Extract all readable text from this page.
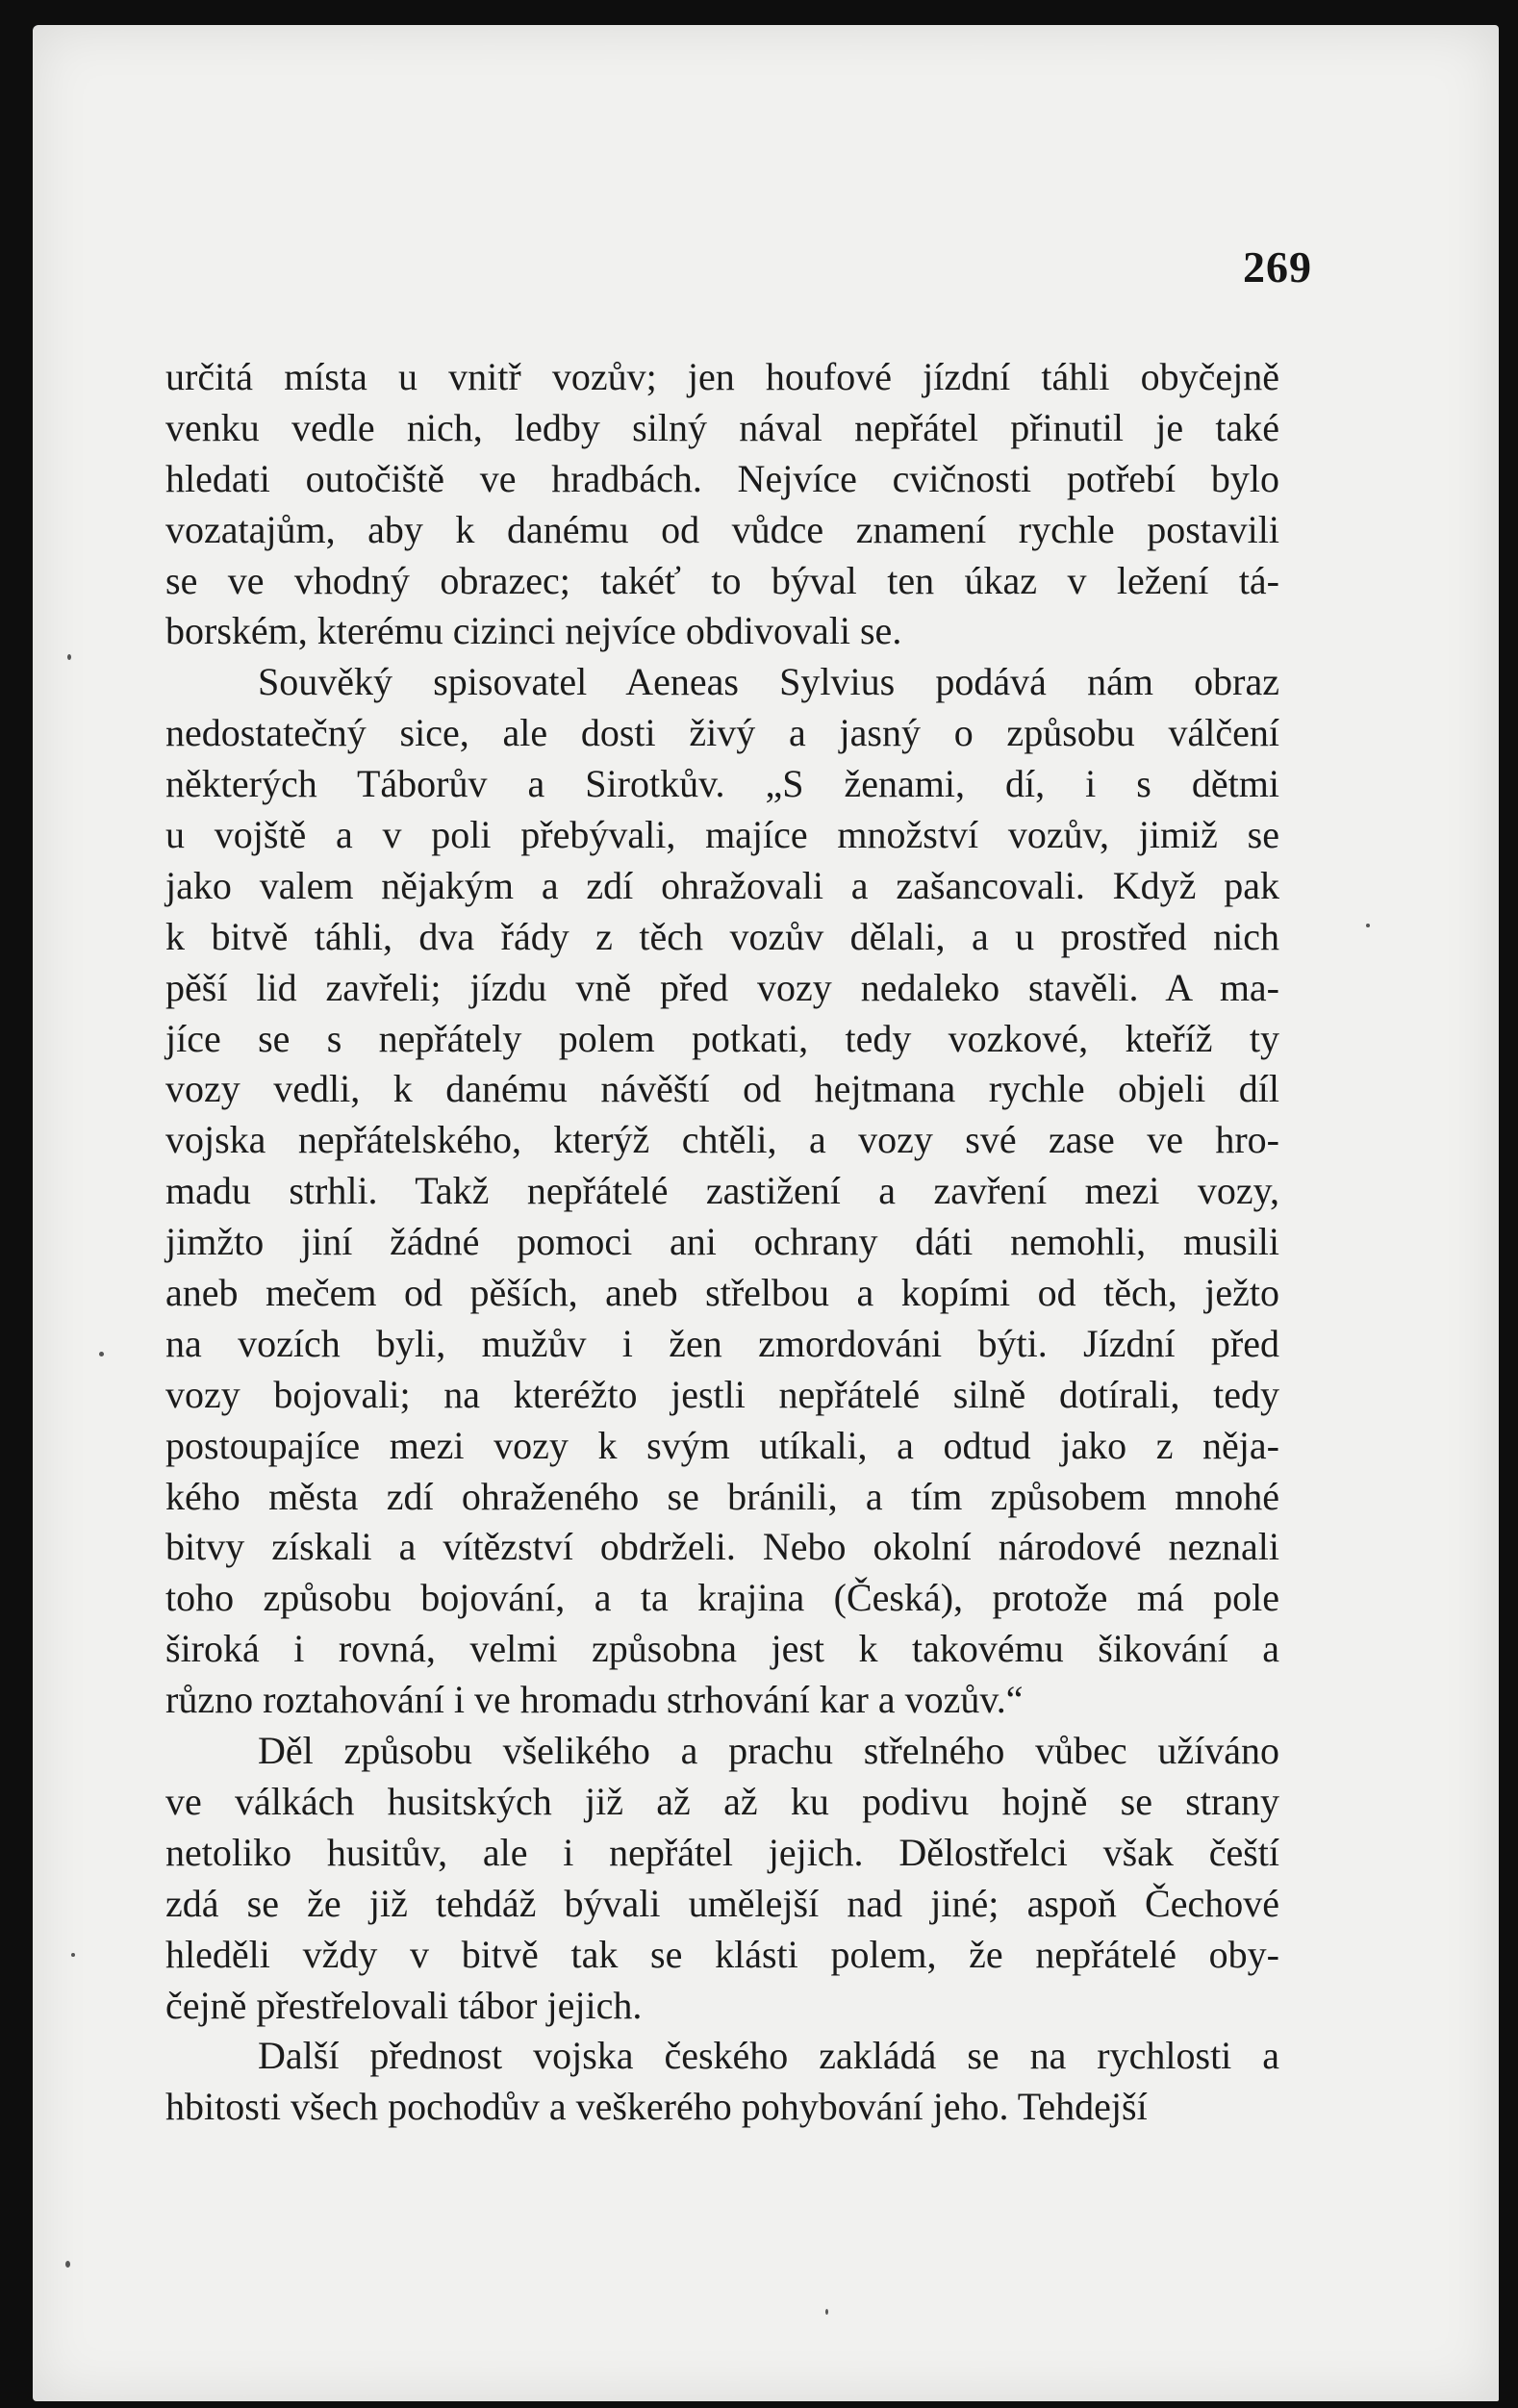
269
určitá místa u vnitř vozův; jen houfové jízdní táhli obyčejně
venku vedle nich, ledby silný nával nepřátel přinutil je také
hledati outočiště ve hradbách. Nejvíce cvičnosti potřebí bylo
vozatajům, aby k danému od vůdce znamení rychle postavili
se ve vhodný obrazec; takéť to býval ten úkaz v ležení tá-
borském, kterému cizinci nejvíce obdivovali se.
Souvěký spisovatel Aeneas Sylvius podává nám obraz
nedostatečný sice, ale dosti živý a jasný o způsobu válčení
některých Táborův a Sirotkův. „S ženami, dí, i s dětmi
u vojště a v poli přebývali, majíce množství vozův, jimiž se
jako valem nějakým a zdí ohražovali a zašancovali. Když pak
k bitvě táhli, dva řády z těch vozův dělali, a u prostřed nich
pěší lid zavřeli; jízdu vně před vozy nedaleko stavěli. A ma-
jíce se s nepřátely polem potkati, tedy vozkové, kteříž ty
vozy vedli, k danému návěští od hejtmana rychle objeli díl
vojska nepřátelského, kterýž chtěli, a vozy své zase ve hro-
madu strhli. Takž nepřátelé zastižení a zavření mezi vozy,
jimžto jiní žádné pomoci ani ochrany dáti nemohli, musili
aneb mečem od pěších, aneb střelbou a kopími od těch, ježto
na vozích byli, mužův i žen zmordováni býti. Jízdní před
vozy bojovali; na kteréžto jestli nepřátelé silně dotírali, tedy
postoupajíce mezi vozy k svým utíkali, a odtud jako z něja-
kého města zdí ohraženého se bránili, a tím způsobem mnohé
bitvy získali a vítězství obdrželi. Nebo okolní národové neznali
toho způsobu bojování, a ta krajina (Česká), protože má pole
široká i rovná, velmi způsobna jest k takovému šikování a
různo roztahování i ve hromadu strhování kar a vozův.“
Děl způsobu všelikého a prachu střelného vůbec užíváno
ve válkách husitských již až až ku podivu hojně se strany
netoliko husitův, ale i nepřátel jejich. Dělostřelci však čeští
zdá se že již tehdáž bývali umělejší nad jiné; aspoň Čechové
hleděli vždy v bitvě tak se klásti polem, že nepřátelé oby-
čejně přestřelovali tábor jejich.
Další přednost vojska českého zakládá se na rychlosti a
hbitosti všech pochodův a veškerého pohybování jeho. Tehdejší
